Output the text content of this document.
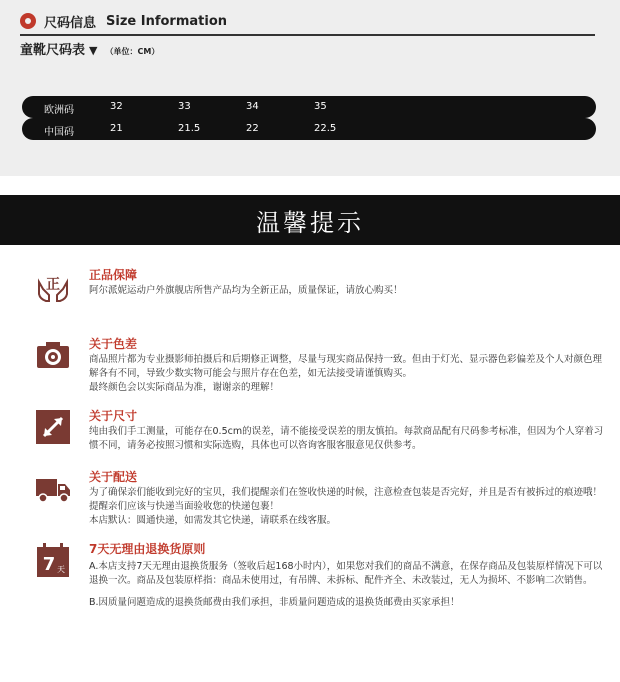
尺码信息 Size Information
童靴尺码表 ▼ （单位：CM）
欧洲码	32	33	34	35
中国码	21	21.5	22	22.5
温馨提示
正
正品保障

阿尔派妮运动户外旗舰店所售产品均为全新正品，质量保证，请放心购买！

关于色差

商品照片都为专业摄影师拍摄后和后期修正调整，尽量与现实商品保持一致。但由于灯光、显示器色彩偏差及个人对颜色理解各有不同，导致少数实物可能会与照片存在色差，如无法接受请谨慎购买。

最终颜色会以实际商品为准，谢谢亲的理解！

关于尺寸

纯由我们手工测量，可能存在0.5cm的误差，请不能接受误差的朋友慎拍。每款商品配有尺码参考标准，但因为个人穿着习惯不同，请务必按照习惯和实际选购，具体也可以咨询客服客服意见仅供参考。

关于配送

为了确保亲们能收到完好的宝贝，我们提醒亲们在签收快递的时候，注意检查包装是否完好，并且是否有被拆过的痕迹哦！提醒亲们应该与快递当面验收您的快递包裹！

本店默认：圆通快递，如需发其它快递，请联系在线客服。

7 天
7天无理由退换货原则

A.本店支持7天无理由退换货服务（签收后起168小时内），如果您对我们的商品不满意，在保存商品及包装原样情况下可以退换一次。商品及包装原样指：商品未使用过，有吊牌、未拆标、配件齐全、未改装过，无人为损坏、不影响二次销售。

B.因质量问题造成的退换货邮费由我们承担，非质量问题造成的退换货邮费由买家承担！
